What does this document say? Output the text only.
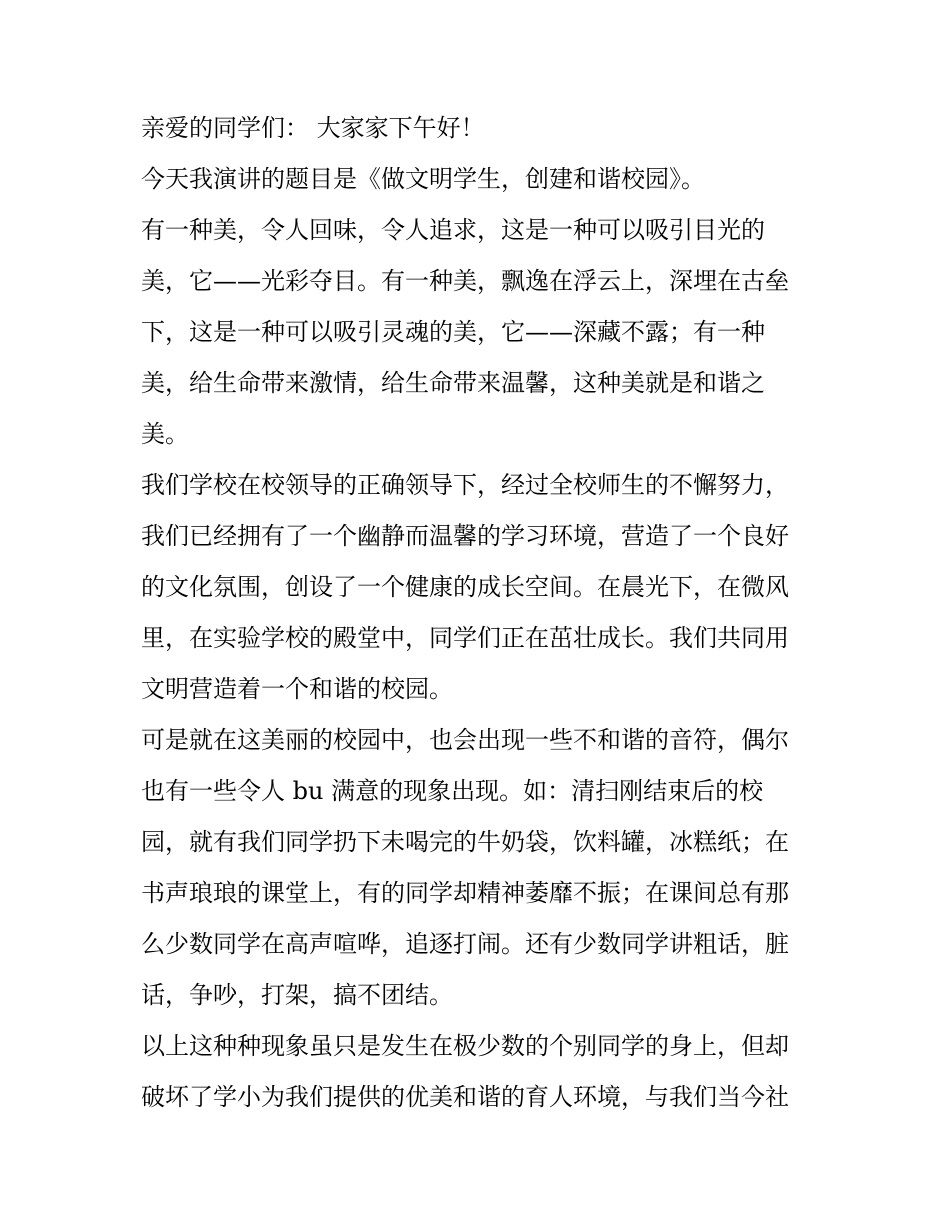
亲爱的同学们： 大家家下午好！
今天我演讲的题目是《做文明学生，创建和谐校园》。
有一种美，令人回味，令人追求，这是一种可以吸引目光的
美，它——光彩夺目。有一种美，飘逸在浮云上，深埋在古垒
下，这是一种可以吸引灵魂的美，它——深藏不露；有一种
美，给生命带来激情，给生命带来温馨，这种美就是和谐之
美。
我们学校在校领导的正确领导下，经过全校师生的不懈努力，
我们已经拥有了一个幽静而温馨的学习环境，营造了一个良好
的文化氛围，创设了一个健康的成长空间。在晨光下，在微风
里，在实验学校的殿堂中，同学们正在茁壮成长。我们共同用
文明营造着一个和谐的校园。
可是就在这美丽的校园中，也会出现一些不和谐的音符，偶尔
也有一些令人 bu 满意的现象出现。如：清扫刚结束后的校
园，就有我们同学扔下未喝完的牛奶袋，饮料罐，冰糕纸；在
书声琅琅的课堂上，有的同学却精神萎靡不振；在课间总有那
么少数同学在高声喧哗，追逐打闹。还有少数同学讲粗话，脏
话，争吵，打架，搞不团结。
以上这种种现象虽只是发生在极少数的个别同学的身上，但却
破坏了学小为我们提供的优美和谐的育人环境，与我们当今社
